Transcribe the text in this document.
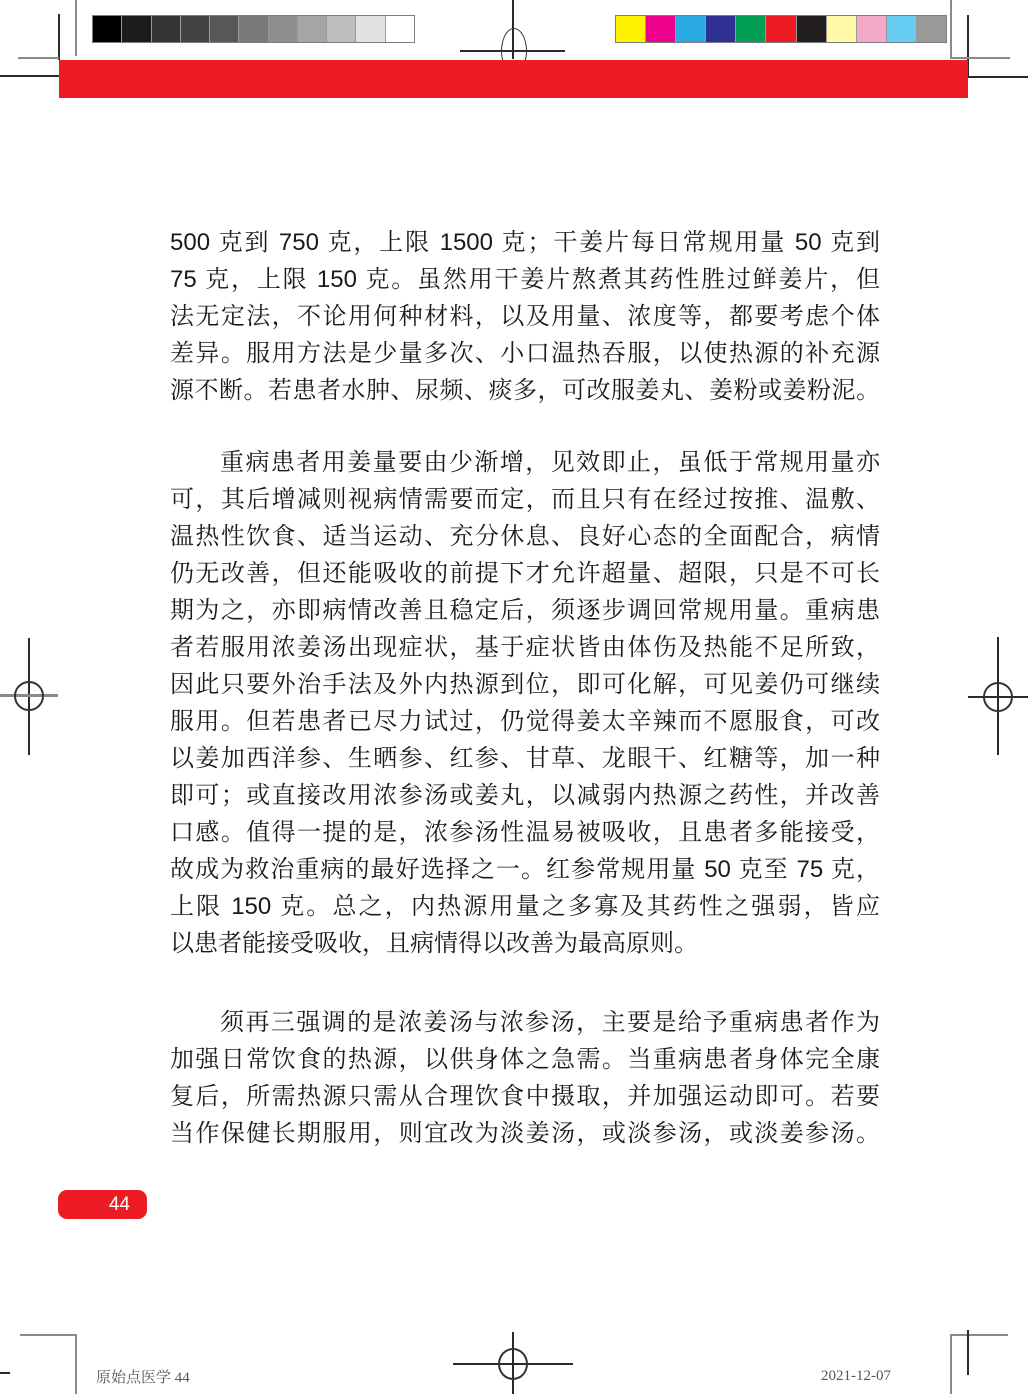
500 克到 750 克，上限 1500 克；干姜片每日常规用量 50 克到
75 克，上限 150 克。虽然用干姜片熬煮其药性胜过鲜姜片，但
法无定法，不论用何种材料，以及用量、浓度等，都要考虑个体
差异。服用方法是少量多次、小口温热吞服，以使热源的补充源
源不断。若患者水肿、尿频、痰多，可改服姜丸、姜粉或姜粉泥。
重病患者用姜量要由少渐增，见效即止，虽低于常规用量亦
可，其后增减则视病情需要而定，而且只有在经过按推、温敷、
温热性饮食、适当运动、充分休息、良好心态的全面配合，病情
仍无改善，但还能吸收的前提下才允许超量、超限，只是不可长
期为之，亦即病情改善且稳定后，须逐步调回常规用量。重病患
者若服用浓姜汤出现症状，基于症状皆由体伤及热能不足所致，
因此只要外治手法及外内热源到位，即可化解，可见姜仍可继续
服用。但若患者已尽力试过，仍觉得姜太辛辣而不愿服食，可改
以姜加西洋参、生晒参、红参、甘草、龙眼干、红糖等，加一种
即可；或直接改用浓参汤或姜丸，以减弱内热源之药性，并改善
口感。值得一提的是，浓参汤性温易被吸收，且患者多能接受，
故成为救治重病的最好选择之一。红参常规用量 50 克至 75 克，
上限 150 克。总之，内热源用量之多寡及其药性之强弱，皆应
以患者能接受吸收，且病情得以改善为最高原则。
须再三强调的是浓姜汤与浓参汤，主要是给予重病患者作为
加强日常饮食的热源，以供身体之急需。当重病患者身体完全康
复后，所需热源只需从合理饮食中摄取，并加强运动即可。若要
当作保健长期服用，则宜改为淡姜汤，或淡参汤，或淡姜参汤。
44
原始点医学 44	2021-12-07
